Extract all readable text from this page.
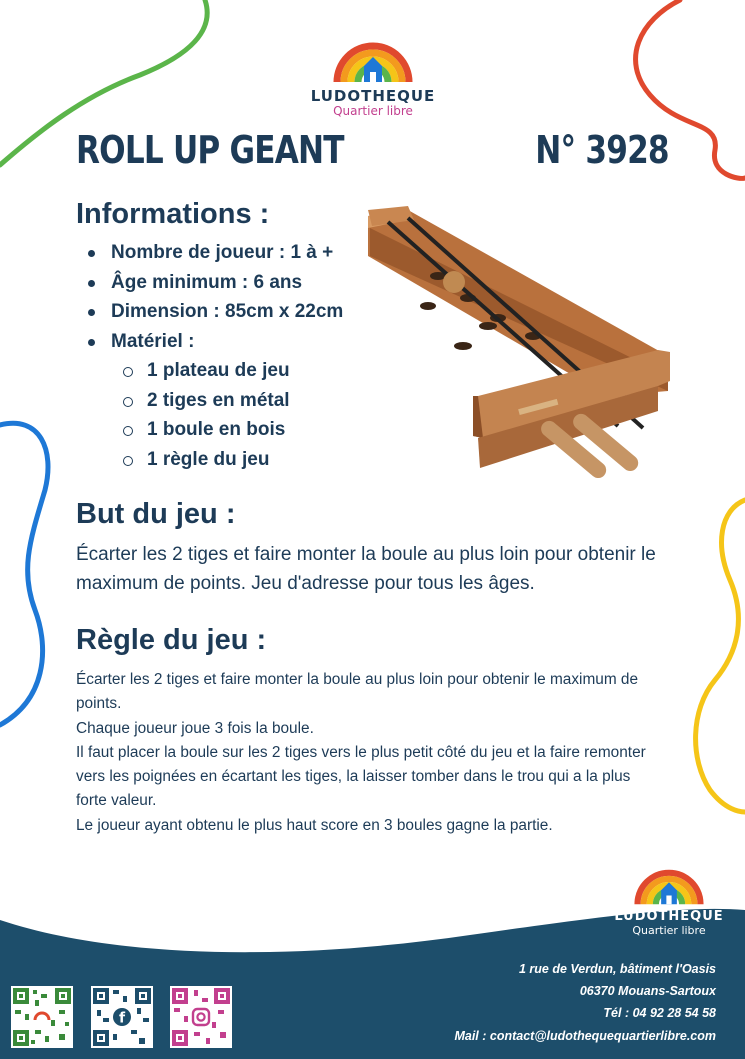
LUDOTHEQUE
Quartier libre
ROLL UP GEANT	N° 3928
Informations :
Nombre de joueur : 1 à +
Âge minimum : 6 ans
Dimension : 85cm x 22cm
Matériel :
1 plateau de jeu
2 tiges en métal
1 boule en bois
1 règle du jeu
But du jeu :
Écarter les 2 tiges et faire monter la boule au plus loin pour obtenir le maximum de points. Jeu d'adresse pour tous les âges.
Règle du jeu :

Écarter les 2 tiges et faire monter la boule au plus loin pour obtenir le maximum de points.

Chaque joueur joue 3 fois la boule.

Il faut placer la boule sur les 2 tiges vers le plus petit côté du jeu et la faire remonter vers les poignées en écartant les tiges, la laisser tomber dans le trou qui a la plus forte valeur.

Le joueur ayant obtenu le plus haut score en 3 boules gagne la partie.

LUDOTHEQUE
Quartier libre
1 rue de Verdun, bâtiment l'Oasis
06370 Mouans-Sartoux
Tél : 04 92 28 54 58
Mail : contact@ludothequequartierlibre.com
f
